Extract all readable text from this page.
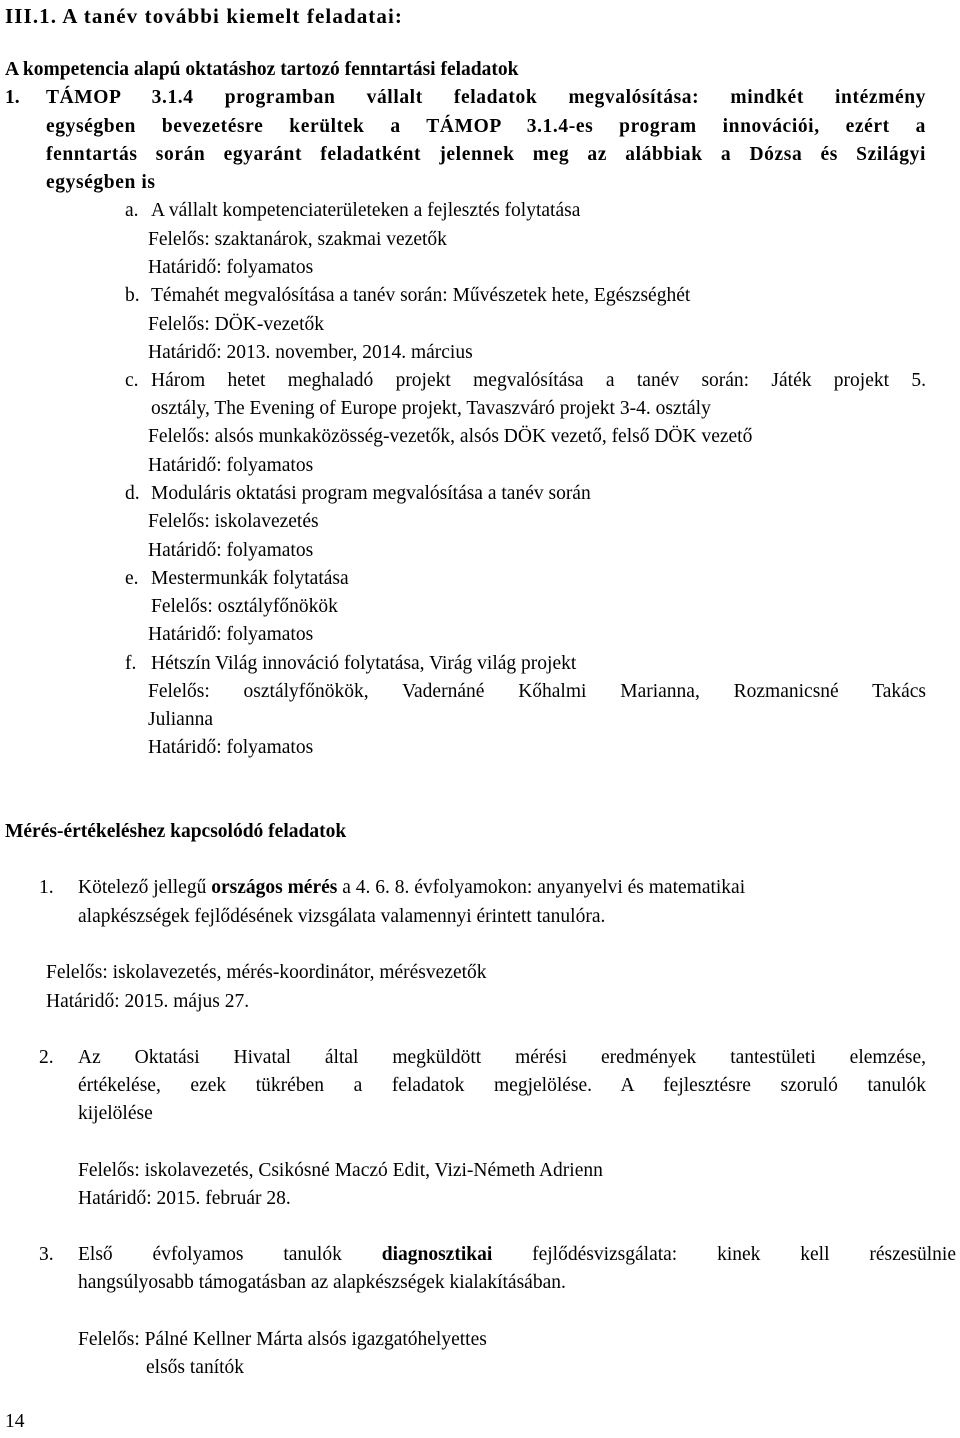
III.1. A tanév további kiemelt feladatai:
A kompetencia alapú oktatáshoz tartozó fenntartási feladatok
1. TÁMOP 3.1.4 programban vállalt feladatok megvalósítása: mindkét intézmény
egységben bevezetésre kerültek a TÁMOP 3.1.4-es program innovációi, ezért a
fenntartás során egyaránt feladatként jelennek meg az alábbiak a Dózsa és Szilágyi
egységben is
a. A vállalt kompetenciaterületeken a fejlesztés folytatása
Felelős: szaktanárok, szakmai vezetők
Határidő: folyamatos
b. Témahét megvalósítása a tanév során: Művészetek hete, Egészséghét
Felelős: DÖK-vezetők
Határidő: 2013. november, 2014. március
c. Három hetet meghaladó projekt megvalósítása a tanév során: Játék projekt 5.
osztály, The Evening of Europe projekt, Tavaszváró projekt 3-4. osztály
Felelős: alsós munkaközösség-vezetők, alsós DÖK vezető, felső DÖK vezető
Határidő: folyamatos
d. Moduláris oktatási program megvalósítása a tanév során
Felelős: iskolavezetés
Határidő: folyamatos
e. Mestermunkák folytatása
Felelős: osztályfőnökök
Határidő: folyamatos
f. Hétszín Világ innováció folytatása, Virág világ projekt
Felelős: osztályfőnökök, Vadernáné Kőhalmi Marianna, Rozmanicsné Takács
Julianna
Határidő: folyamatos
Mérés-értékeléshez kapcsolódó feladatok
1. Kötelező jellegű országos mérés a 4. 6. 8. évfolyamokon: anyanyelvi és matematikai
alapkészségek fejlődésének vizsgálata valamennyi érintett tanulóra.
Felelős: iskolavezetés, mérés-koordinátor, mérésvezetők
Határidő: 2015. május 27.
2. Az Oktatási Hivatal által megküldött mérési eredmények tantestületi elemzése,
értékelése, ezek tükrében a feladatok megjelölése. A fejlesztésre szoruló tanulók
kijelölése
Felelős: iskolavezetés, Csikósné Maczó Edit, Vizi-Németh Adrienn
Határidő: 2015. február 28.
3. Első évfolyamos tanulók diagnosztikai fejlődésvizsgálata: kinek kell részesülnie
hangsúlyosabb támogatásban az alapkészségek kialakításában.
Felelős: Pálné Kellner Márta alsós igazgatóhelyettes
elsős tanítók
14
